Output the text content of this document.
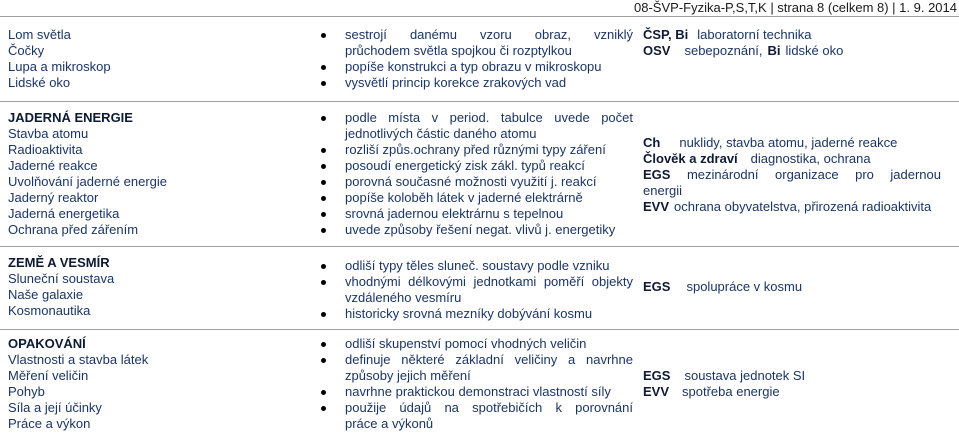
08-ŠVP-Fyzika-P,S,T,K | strana 8 (celkem 8) | 1. 9. 2014
Lom světla
Čočky
Lupa a mikroskop
Lidské oko
sestrojí danému vzoru obraz, vzniklý
průchodem světla spojkou či rozptylkou
popíše konstrukci a typ obrazu v mikroskopu
vysvětlí princip korekce zrakových vad
ČSP, Bi laboratorní technika
OSV sebepoznání, Bi lidské oko
JADERNÁ ENERGIE
Stavba atomu
Radioaktivita
Jaderné reakce
Uvolňování jaderné energie
Jaderný reaktor
Jaderná energetika
Ochrana před zářením
podle místa v period. tabulce uvede počet
jednotlivých částic daného atomu
rozliší způs.ochrany před různými typy záření
posoudí energetický zisk zákl. typů reakcí
porovná současné možnosti využití j. reakcí
popíše koloběh látek v jaderné elektrárně
srovná jadernou elektrárnu s tepelnou
uvede způsoby řešení negat. vlivů j. energetiky
Ch nuklidy, stavba atomu, jaderné reakce
Člověk a zdraví diagnostika, ochrana
EGS mezinárodní organizace pro jadernou
energii
EVV ochrana obyvatelstva, přirozená radioaktivita
ZEMĚ A VESMÍR
Sluneční soustava
Naše galaxie
Kosmonautika
odliší typy těles sluneč. soustavy podle vzniku
vhodnými délkovými jednotkami poměří objekty
vzdáleného vesmíru
historicky srovná mezníky dobývání kosmu
EGS spolupráce v kosmu
OPAKOVÁNÍ
Vlastnosti a stavba látek
Měření veličin
Pohyb
Síla a její účinky
Práce a výkon
odliší skupenství pomocí vhodných veličin
definuje některé základní veličiny a navrhne
způsoby jejich měření
navrhne praktickou demonstraci vlastností síly
použije údajů na spotřebičích k porovnání
práce a výkonů
EGS soustava jednotek SI
EVV spotřeba energie
